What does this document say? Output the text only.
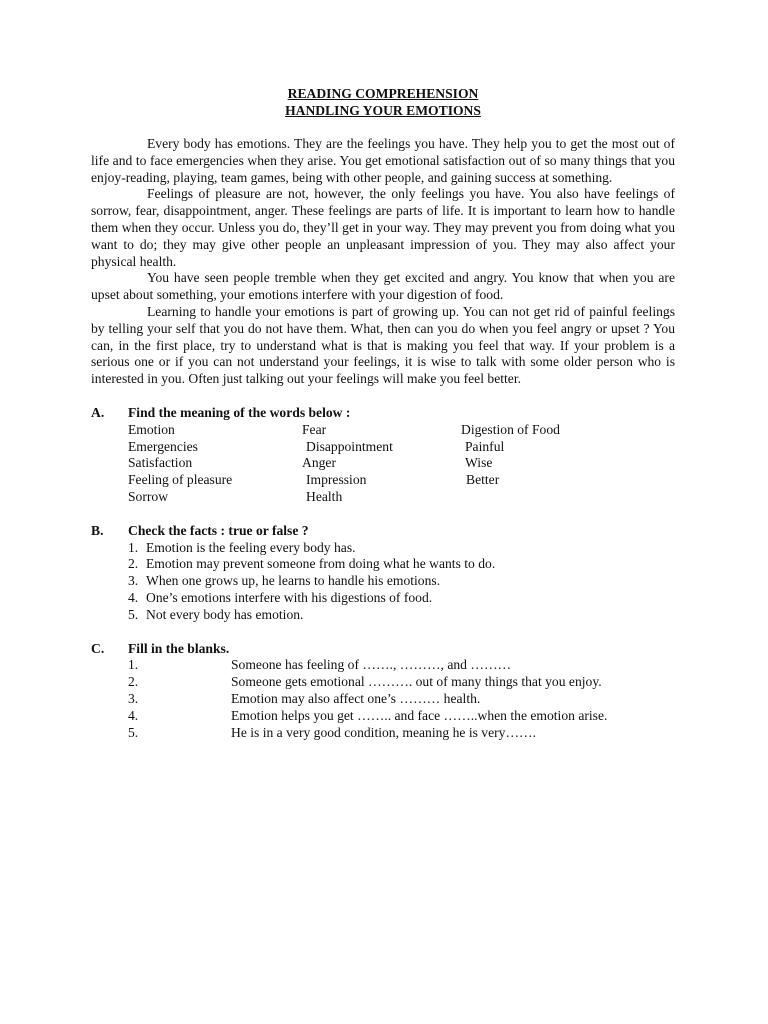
READING COMPREHENSION

HANDLING YOUR EMOTIONS

Every body has emotions. They are the feelings you have. They help you to get the most out of life and to face emergencies when they arise. You get emotional satisfaction out of so many things that you enjoy-reading, playing, team games, being with other people, and gaining success at something.

Feelings of pleasure are not, however, the only feelings you have. You also have feelings of sorrow, fear, disappointment, anger. These feelings are parts of life. It is important to learn how to handle them when they occur. Unless you do, they’ll get in your way. They may prevent you from doing what you want to do; they may give other people an unpleasant impression of you. They may also affect your physical health.

You have seen people tremble when they get excited and angry. You know that when you are upset about something, your emotions interfere with your digestion of food.

Learning to handle your emotions is part of growing up. You can not get rid of painful feelings by telling your self that you do not have them. What, then can you do when you feel angry or upset ? You can, in the first place, try to understand what is that is making you feel that way. If your problem is a serious one or if you can not understand your feelings, it is wise to talk with some older person who is interested in you. Often just talking out your feelings will make you feel better.

A. Find the meaning of the words below :
Emotion	Fear	Digestion of Food
Emergencies	Disappointment	Painful
Satisfaction	Anger	Wise
Feeling of pleasure	Impression	Better
Sorrow	Health	
B. Check the facts : true or false ?
1. Emotion is the feeling every body has.
2. Emotion may prevent someone from doing what he wants to do.
3. When one grows up, he learns to handle his emotions.
4. One’s emotions interfere with his digestions of food.
5. Not every body has emotion.
C. Fill in the blanks.
1.	Someone has feeling of ……., ………, and ………
2.	Someone gets emotional ………. out of many things that you enjoy.
3.	Emotion may also affect one’s ……… health.
4.	Emotion helps you get …….. and face ……..when the emotion arise.
5.	He is in a very good condition, meaning he is very…….
